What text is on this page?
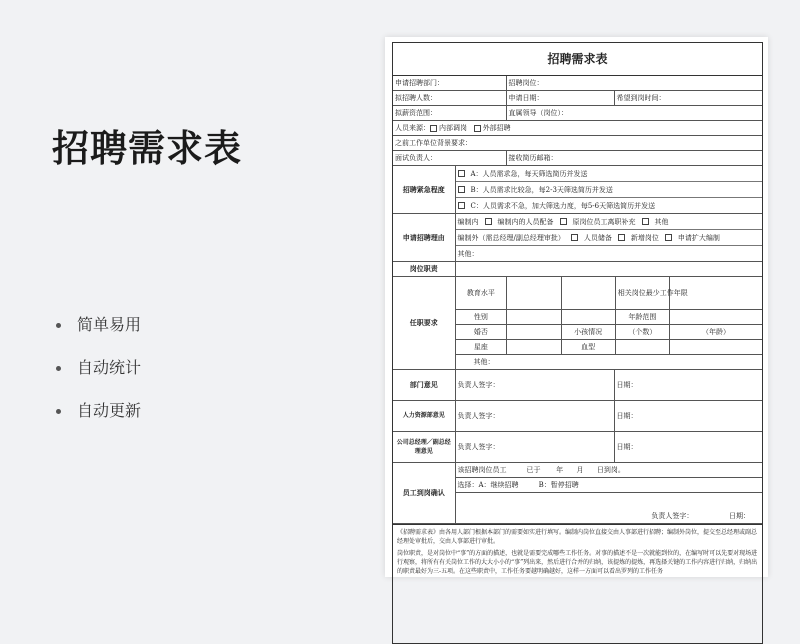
招聘需求表
简单易用
自动统计
自动更新
招聘需求表
申请招聘部门：	招聘岗位：
拟招聘人数：	申请日期：	希望到岗时间：
拟薪资范围：	直属领导（岗位）：
人员来源： 内部调岗 外部招聘
之前工作单位背景要求：
面试负责人：	接收简历邮箱：
招聘紧急程度	
A：人员需求急，每天筛选简历并发送
B：人员需求比较急，每2-3天筛选简历并发送
C：人员需求不急，加大筛选力度，每5-6天筛选简历并发送

申请招聘理由	
编制内	编制内的人员配备	原岗位员工离职补充	其他
编制外（需总经理/副总经理审批）	人员储备	新增岗位	申请扩大编制
其他：

岗位职责	
任职要求	
教育水平			相关岗位最少工作年限	
性别			年龄范围	
婚否		小孩情况	（个数）	（年龄）
星座		血型		
其他：

部门意见	负责人签字：	日期：
人力资源部意见	负责人签字：	日期：
公司总经理／副总经理意见	负责人签字：	日期：
员工到岗确认	该招聘岗位员工	已于 年 月 日到岗。
选择：A：继续招聘	B：暂停招聘
负责人签字：	日期：

《招聘需求表》由各用人部门根据本部门的需要如实进行填写。编制内岗位直接交由人事部进行招聘；编制外岗位，提交至总经理或副总经理处审批后，交由人事部进行审批。

岗位职责，是对岗位中“事”的方面的描述，也就是需要完成哪些工作任务。对事的描述不是一次就能到位的，在编写时可以先要对现场进行观察，将所有有关岗位工作的大大小小的“事”列出来，然后进行合并的归纳，该提炼的提炼，再选择关键的工作内容进行归纳，归纳出的职责最好为三-五项。在这些职责中，工作任务要越明确越好，这样一方面可以看出罗列的工作任务
